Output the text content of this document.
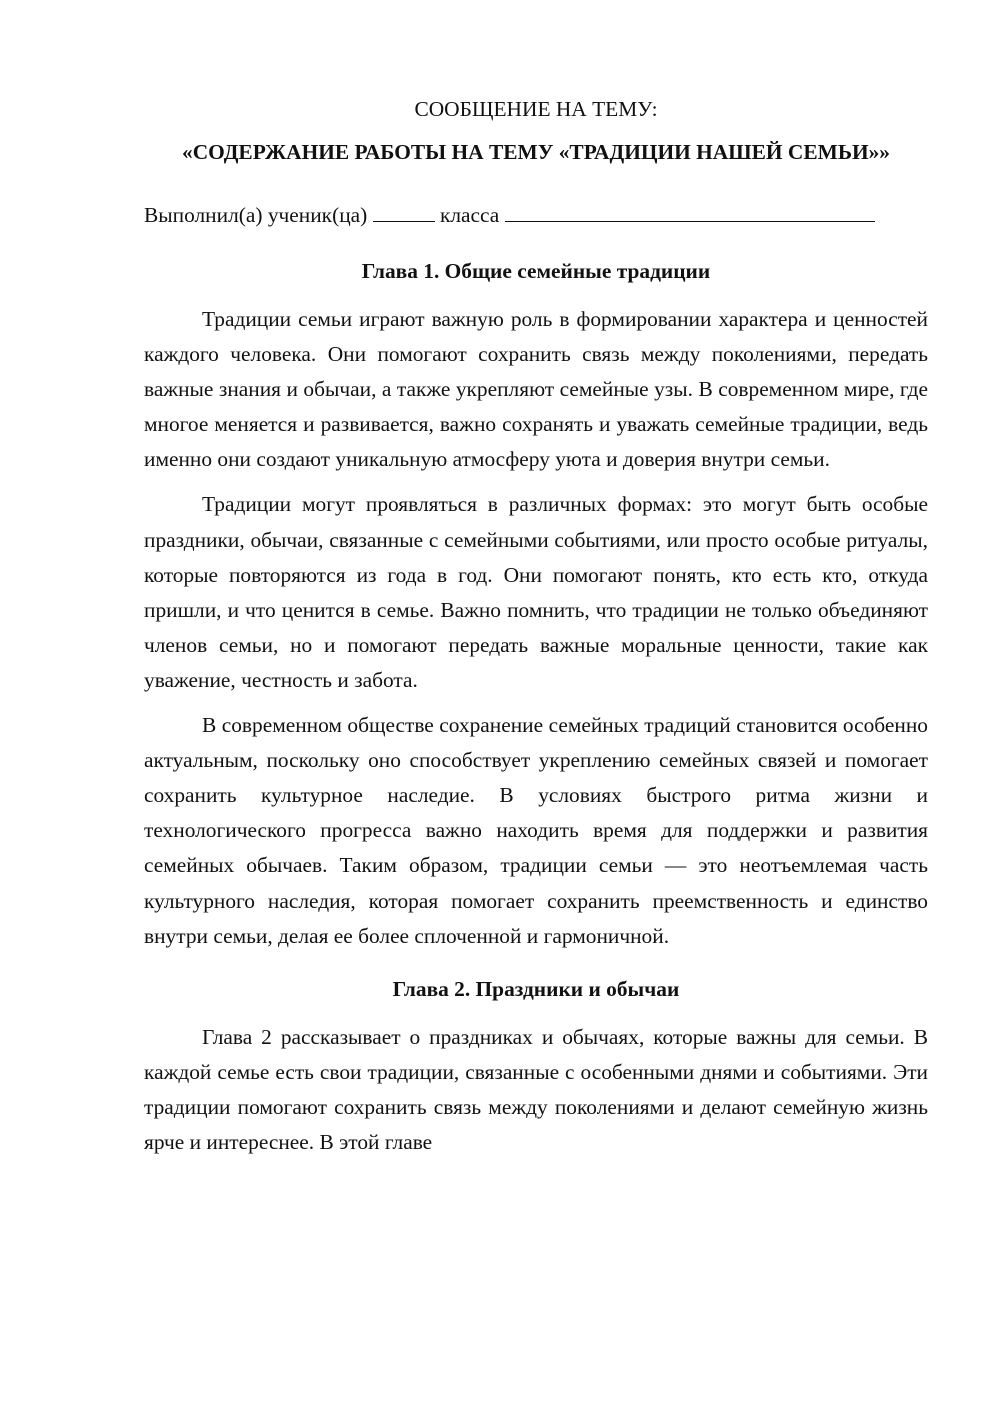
СООБЩЕНИЕ НА ТЕМУ:

«СОДЕРЖАНИЕ РАБОТЫ НА ТЕМУ «ТРАДИЦИИ НАШЕЙ СЕМЬИ»»

Выполнил(а) ученик(ца)	класса

Глава 1. Общие семейные традиции

Традиции семьи играют важную роль в формировании характера и ценностей каждого человека. Они помогают сохранить связь между поколениями, передать важные знания и обычаи, а также укрепляют семейные узы. В современном мире, где многое меняется и развивается, важно сохранять и уважать семейные традиции, ведь именно они создают уникальную атмосферу уюта и доверия внутри семьи.

Традиции могут проявляться в различных формах: это могут быть особые праздники, обычаи, связанные с семейными событиями, или просто особые ритуалы, которые повторяются из года в год. Они помогают понять, кто есть кто, откуда пришли, и что ценится в семье. Важно помнить, что традиции не только объединяют членов семьи, но и помогают передать важные моральные ценности, такие как уважение, честность и забота.

В современном обществе сохранение семейных традиций становится особенно актуальным, поскольку оно способствует укреплению семейных связей и помогает сохранить культурное наследие. В условиях быстрого ритма жизни и технологического прогресса важно находить время для поддержки и развития семейных обычаев. Таким образом, традиции семьи — это неотъемлемая часть культурного наследия, которая помогает сохранить преемственность и единство внутри семьи, делая ее более сплоченной и гармоничной.

Глава 2. Праздники и обычаи

Глава 2 рассказывает о праздниках и обычаях, которые важны для семьи. В каждой семье есть свои традиции, связанные с особенными днями и событиями. Эти традиции помогают сохранить связь между поколениями и делают семейную жизнь ярче и интереснее. В этой главе
